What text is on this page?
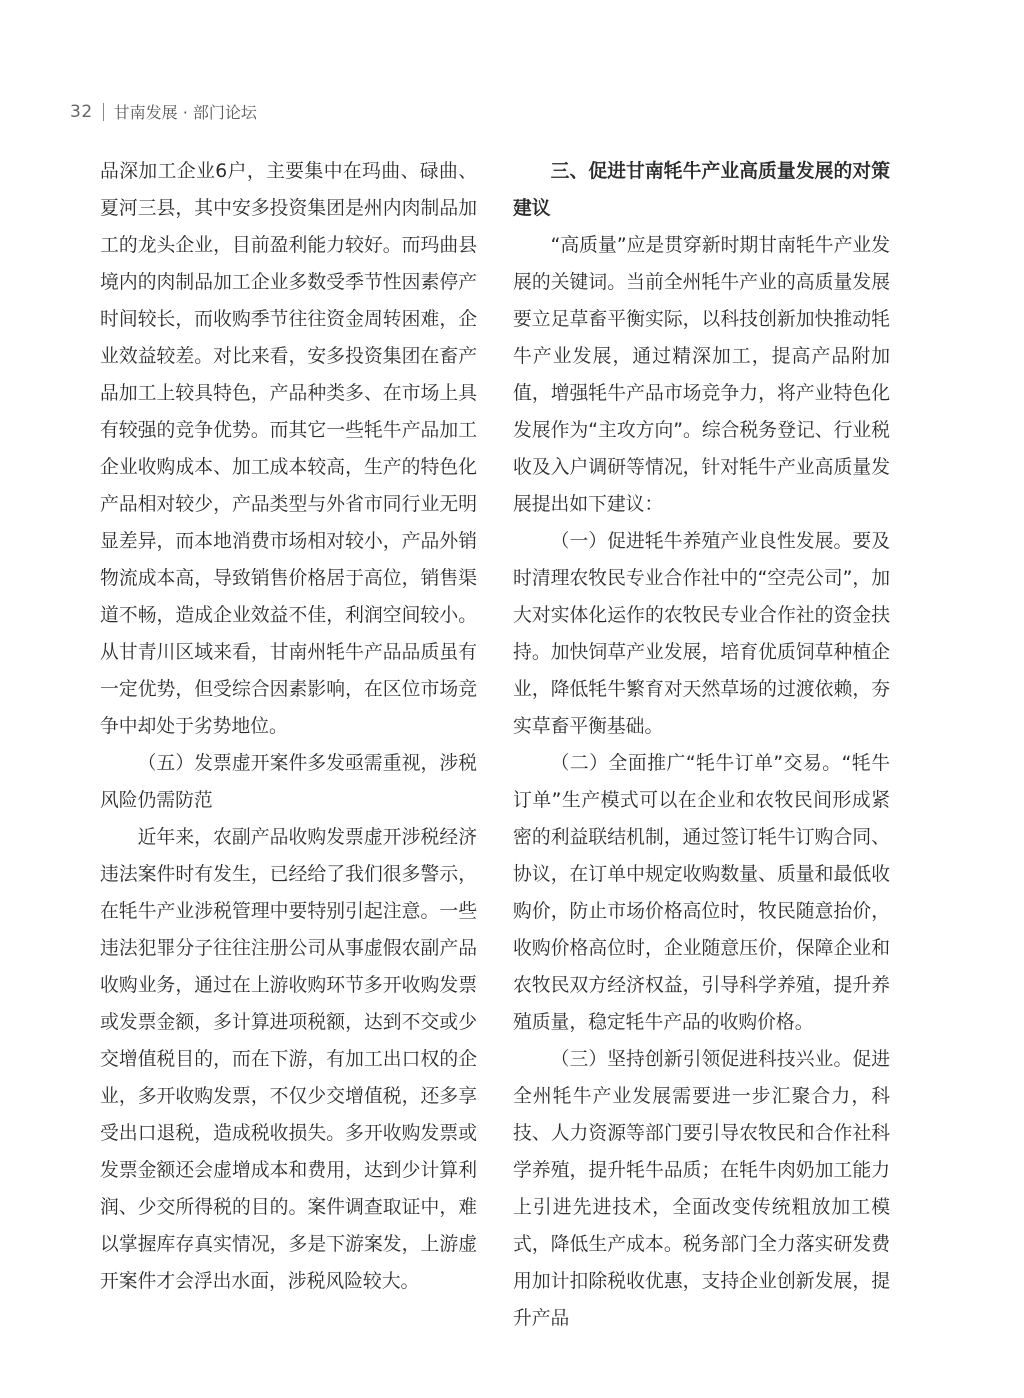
32 甘南发展 · 部门论坛

品深加工企业6户，主要集中在玛曲、碌曲、夏河三县，其中安多投资集团是州内肉制品加工的龙头企业，目前盈利能力较好。而玛曲县境内的肉制品加工企业多数受季节性因素停产时间较长，而收购季节往往资金周转困难，企业效益较差。对比来看，安多投资集团在畜产品加工上较具特色，产品种类多、在市场上具有较强的竞争优势。而其它一些牦牛产品加工企业收购成本、加工成本较高，生产的特色化产品相对较少，产品类型与外省市同行业无明显差异，而本地消费市场相对较小，产品外销物流成本高，导致销售价格居于高位，销售渠道不畅，造成企业效益不佳，利润空间较小。从甘青川区域来看，甘南州牦牛产品品质虽有一定优势，但受综合因素影响，在区位市场竞争中却处于劣势地位。

（五）发票虚开案件多发亟需重视，涉税风险仍需防范

近年来，农副产品收购发票虚开涉税经济违法案件时有发生，已经给了我们很多警示，在牦牛产业涉税管理中要特别引起注意。一些违法犯罪分子往往注册公司从事虚假农副产品收购业务，通过在上游收购环节多开收购发票或发票金额，多计算进项税额，达到不交或少交增值税目的，而在下游，有加工出口权的企业，多开收购发票，不仅少交增值税，还多享受出口退税，造成税收损失。多开收购发票或发票金额还会虚增成本和费用，达到少计算利润、少交所得税的目的。案件调查取证中，难以掌握库存真实情况，多是下游案发，上游虚开案件才会浮出水面，涉税风险较大。

三、促进甘南牦牛产业高质量发展的对策建议

“高质量”应是贯穿新时期甘南牦牛产业发展的关键词。当前全州牦牛产业的高质量发展要立足草畜平衡实际，以科技创新加快推动牦牛产业发展，通过精深加工，提高产品附加值，增强牦牛产品市场竞争力，将产业特色化发展作为“主攻方向”。综合税务登记、行业税收及入户调研等情况，针对牦牛产业高质量发展提出如下建议：

（一）促进牦牛养殖产业良性发展。要及时清理农牧民专业合作社中的“空壳公司”，加大对实体化运作的农牧民专业合作社的资金扶持。加快饲草产业发展，培育优质饲草种植企业，降低牦牛繁育对天然草场的过渡依赖，夯实草畜平衡基础。

（二）全面推广“牦牛订单”交易。“牦牛订单”生产模式可以在企业和农牧民间形成紧密的利益联结机制，通过签订牦牛订购合同、协议，在订单中规定收购数量、质量和最低收购价，防止市场价格高位时，牧民随意抬价，收购价格高位时，企业随意压价，保障企业和农牧民双方经济权益，引导科学养殖，提升养殖质量，稳定牦牛产品的收购价格。

（三）坚持创新引领促进科技兴业。促进全州牦牛产业发展需要进一步汇聚合力，科技、人力资源等部门要引导农牧民和合作社科学养殖，提升牦牛品质；在牦牛肉奶加工能力上引进先进技术，全面改变传统粗放加工模式，降低生产成本。税务部门全力落实研发费用加计扣除税收优惠，支持企业创新发展，提升产品
